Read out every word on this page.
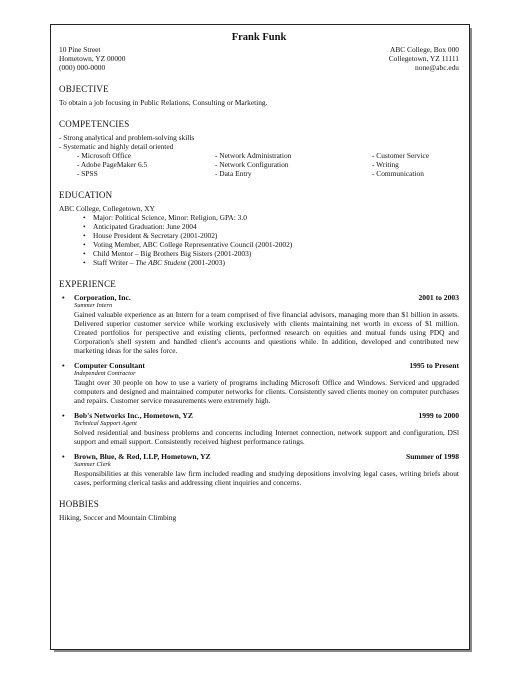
Frank Funk
10 Pine Street
Hometown, YZ 00000
(000) 000-0000
ABC College, Box 000
Collegetown, YZ 11111
none@abc.edu
OBJECTIVE
To obtain a job focusing in Public Relations, Consulting or Marketing.
COMPETENCIES
- Strong analytical and problem-solving skills
- Systematic and highly detail oriented
- Microsoft Office	- Network Administration	- Customer Service
- Adobe PageMaker 6.5	- Network Configuration	- Writing
- SPSS	- Data Entry	- Communication
EDUCATION
ABC College, Collegetown, XY
• Major: Political Science, Minor: Religion, GPA: 3.0
• Anticipated Graduation: June 2004
• House President & Secretary (2001-2002)
• Voting Member, ABC College Representative Council (2001-2002)
• Child Mentor – Big Brothers Big Sisters (2001-2003)
• Staff Writer – The ABC Student (2001-2003)
EXPERIENCE
• Corporation, Inc.	2001 to 2003
Summer Intern
Gained valuable experience as an Intern for a team comprised of five financial advisors, managing more than $1 billion in assets. Delivered superior customer service while working exclusively with clients maintaining net worth in excess of $1 million. Created portfolios for perspective and existing clients, performed research on equities and mutual funds using PDQ and Corporation's shell system and handled client's accounts and questions while. In addition, developed and contributed new marketing ideas for the sales force.
• Computer Consultant	1995 to Present
Independent Contractor
Taught over 30 people on how to use a variety of programs including Microsoft Office and Windows. Serviced and upgraded computers and designed and maintained computer networks for clients. Consistently saved clients money on computer purchases and repairs. Customer service measurements were extremely high.
• Bob's Networks Inc., Hometown, YZ	1999 to 2000
Technical Support Agent
Solved residential and business problems and concerns including Internet connection, network support and configuration, DSl support and email support. Consistently received highest performance ratings.
• Brown, Blue, & Red, LLP, Hometown, YZ	Summer of 1998
Summer Clerk
Responsibilities at this venerable law firm included reading and studying depositions involving legal cases, writing briefs about cases, performing clerical tasks and addressing client inquiries and concerns.
HOBBIES
Hiking, Soccer and Mountain Climbing
